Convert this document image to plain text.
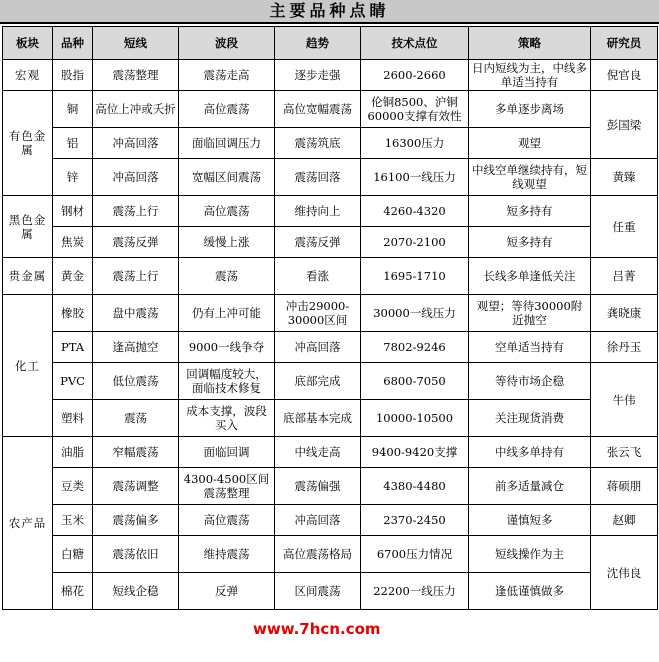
主要品种点睛
板块	品种	短线	波段	趋势	技术点位	策略	研究员
宏观	股指	震荡整理	震荡走高	逐步走强	2600-2660	日内短线为主，中线多单适当持有	倪官良
有色金属	铜	高位上冲或夭折	高位震荡	高位宽幅震荡	伦铜8500、沪铜60000支撑有效性	多单逐步离场	彭国梁
	铝	冲高回落	面临回调压力	震荡筑底	16300压力	观望	
	锌	冲高回落	宽幅区间震荡	震荡回落	16100一线压力	中线空单继续持有，短线观望	黄臻
黑色金属	钢材	震荡上行	高位震荡	维持向上	4260-4320	短多持有	任重
	焦炭	震荡反弹	缓慢上涨	震荡反弹	2070-2100	短多持有	
贵金属	黄金	震荡上行	震荡	看涨	1695-1710	长线多单逢低关注	吕菁
化工	橡胶	盘中震荡	仍有上冲可能	冲击29000-30000区间	30000一线压力	观望；等待30000附近抛空	龚晓康
	PTA	逢高抛空	9000一线争夺	冲高回落	7802-9246	空单适当持有	徐丹玉
	PVC	低位震荡	回调幅度较大，面临技术修复	底部完成	6800-7050	等待市场企稳	牛伟
	塑料	震荡	成本支撑，波段买入	底部基本完成	10000-10500	关注现货消费	
农产品	油脂	窄幅震荡	面临回调	中线走高	9400-9420支撑	中线多单持有	张云飞
	豆类	震荡调整	4300-4500区间震荡整理	震荡偏强	4380-4480	前多适量减仓	蒋硕朋
	玉米	震荡偏多	高位震荡	冲高回落	2370-2450	谨慎短多	赵卿
	白糖	震荡依旧	维持震荡	高位震荡格局	6700压力情况	短线操作为主	沈伟良
	棉花	短线企稳	反弹	区间震荡	22200一线压力	逢低谨慎做多	
www.7hcn.com
